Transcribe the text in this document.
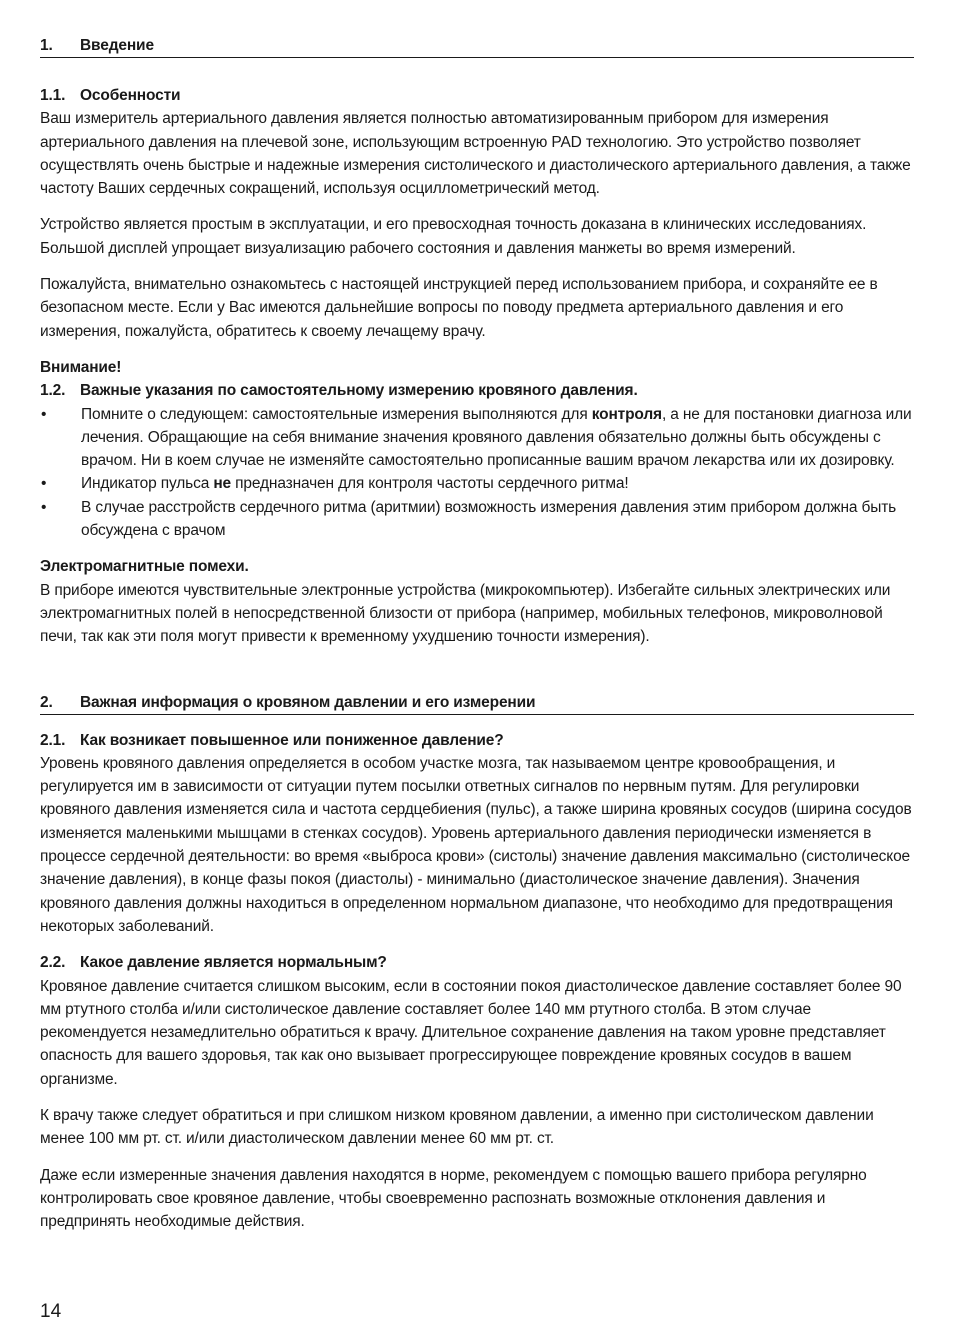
1.	Введение
1.1. Особенности

Ваш измеритель артериального давления является полностью автоматизированным прибором для измерения артериального давления на плечевой зоне, использующим встроенную PAD технологию. Это устройство позволяет осуществлять очень быстрые и надежные измерения систолического и диастолического артериального давления, а также частоту Ваших сердечных сокращений, используя осциллометрический метод.

Устройство является простым в эксплуатации, и его превосходная точность доказана в клинических исследованиях. Большой дисплей упрощает визуализацию рабочего состояния и давления манжеты во время измерений.

Пожалуйста, внимательно ознакомьтесь с настоящей инструкцией перед использованием прибора, и сохраняйте ее в безопасном месте. Если у Вас имеются дальнейшие вопросы по поводу предмета артериального давления и его измерения, пожалуйста, обратитесь к своему лечащему врачу.

Внимание!

1.2. Важные указания по самостоятельному измерению кровяного давления.
•	Помните о следующем: самостоятельные измерения выполняются для контроля, а не для постановки диагноза или лечения. Обращающие на себя внимание значения кровяного давления обязательно должны быть обсуждены с врачом. Ни в коем случае не изменяйте самостоятельно прописанные вашим врачом лекарства или их дозировку.
•	Индикатор пульса не предназначен для контроля частоты сердечного ритма!
•	В случае расстройств сердечного ритма (аритмии) возможность измерения давления этим прибором должна быть обсуждена с врачом

Электромагнитные помехи.

В приборе имеются чувствительные электронные устройства (микрокомпьютер). Избегайте сильных электрических или электромагнитных полей в непосредственной близости от прибора (например, мобильных телефонов, микроволновой печи, так как эти поля могут привести к временному ухудшению точности измерения).

2.	Важная информация о кровяном давлении и его измерении
2.1. Как возникает повышенное или пониженное давление?

Уровень кровяного давления определяется в особом участке мозга, так называемом центре кровообращения, и регулируется им в зависимости от ситуации путем посылки ответных сигналов по нервным путям. Для регулировки кровяного давления изменяется сила и частота сердцебиения (пульс), а также ширина кровяных сосудов (ширина сосудов изменяется маленькими мышцами в стенках сосудов). Уровень артериального давления периодически изменяется в процессе сердечной деятельности: во время «выброса крови» (систолы) значение давления максимально (систолическое значение давления), в конце фазы покоя (диастолы) - минимально (диастолическое значение давления). Значения кровяного давления должны находиться в определенном нормальном диапазоне, что необходимо для предотвращения некоторых заболеваний.

2.2. Какое давление является нормальным?

Кровяное давление считается слишком высоким, если в состоянии покоя диастолическое давление составляет более 90 мм ртутного столба и/или систолическое давление составляет более 140 мм ртутного столба. В этом случае рекомендуется незамедлительно обратиться к врачу. Длительное сохранение давления на таком уровне представляет опасность для вашего здоровья, так как оно вызывает прогрессирующее повреждение кровяных сосудов в вашем организме.

К врачу также следует обратиться и при слишком низком кровяном давлении, а именно при систолическом давлении менее 100 мм рт. ст. и/или диастолическом давлении менее 60 мм рт. ст.

Даже если измеренные значения давления находятся в норме, рекомендуем с помощью вашего прибора регулярно контролировать свое кровяное давление, чтобы своевременно распознать возможные отклонения давления и предпринять необходимые действия.

14
